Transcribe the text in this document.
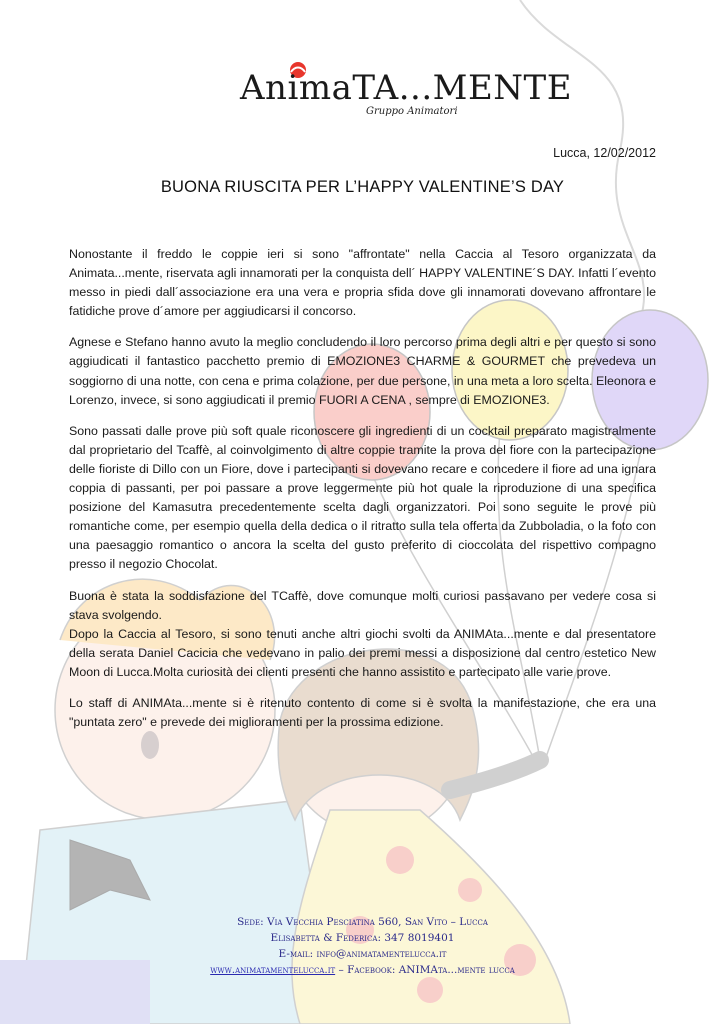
AnimaTA...MENTE
Gruppo Animatori
Lucca, 12/02/2012
BUONA RIUSCITA PER L’HAPPY VALENTINE’S DAY

Nonostante il freddo le coppie ieri si sono "affrontate" nella Caccia al Tesoro organizzata da Animata...mente, riservata agli innamorati per la conquista dell´ HAPPY VALENTINE´S DAY. Infatti l´evento messo in piedi dall´associazione era una vera e propria sfida dove gli innamorati dovevano affrontare le fatidiche prove d´amore per aggiudicarsi il concorso.

Agnese e Stefano hanno avuto la meglio concludendo il loro percorso prima degli altri e per questo si sono aggiudicati il fantastico pacchetto premio di EMOZIONE3 CHARME & GOURMET che prevedeva un soggiorno di una notte, con cena e prima colazione, per due persone, in una meta a loro scelta. Eleonora e Lorenzo, invece, si sono aggiudicati il premio FUORI A CENA , sempre di EMOZIONE3.

Sono passati dalle prove più soft quale riconoscere gli ingredienti di un cocktail preparato magistralmente dal proprietario del Tcaffè, al coinvolgimento di altre coppie tramite la prova del fiore con la partecipazione delle fioriste di Dillo con un Fiore, dove i partecipanti si dovevano recare e concedere il fiore ad una ignara coppia di passanti, per poi passare a prove leggermente più hot quale la riproduzione di una specifica posizione del Kamasutra precedentemente scelta dagli organizzatori. Poi sono seguite le prove più romantiche come, per esempio quella della dedica o il ritratto sulla tela offerta da Zubboladia, o la foto con una paesaggio romantico o ancora la scelta del gusto preferito di cioccolata del rispettivo compagno presso il negozio Chocolat.

Buona è stata la soddisfazione del TCaffè, dove comunque molti curiosi passavano per vedere cosa si stava svolgendo.
Dopo la Caccia al Tesoro, si sono tenuti anche altri giochi svolti da ANIMAta...mente e dal presentatore della serata Daniel Cacicia che vedevano in palio dei premi messi a disposizione dal centro estetico New Moon di Lucca.Molta curiosità dei clienti presenti che hanno assistito e partecipato alle varie prove.

Lo staff di ANIMAta...mente si è ritenuto contento di come si è svolta la manifestazione, che era una "puntata zero" e prevede dei miglioramenti per la prossima edizione.

Sede: Via Vecchia Pesciatina 560, San Vito – Lucca
Elisabetta & Federica: 347 8019401
E-mail: info@animatamentelucca.it
www.animatamentelucca.it – Facebook: ANIMAta...mente lucca
